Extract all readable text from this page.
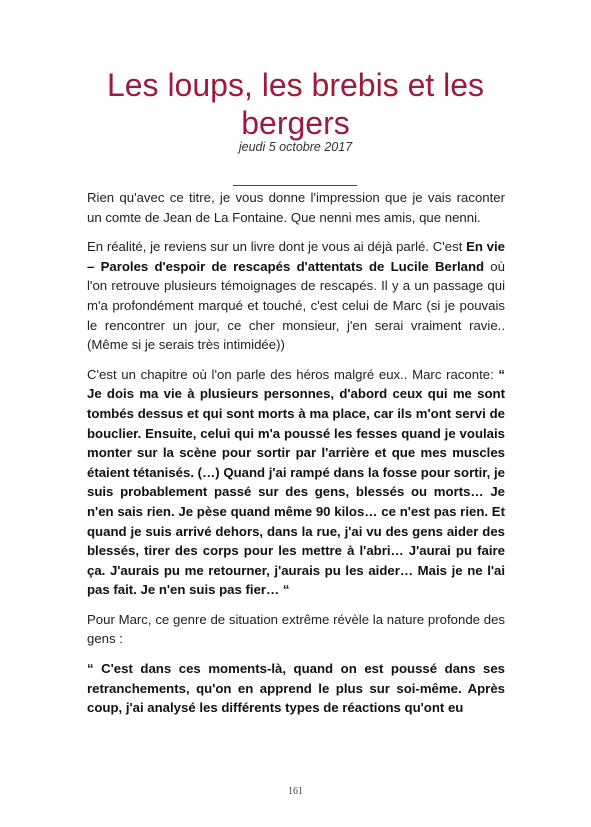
Les loups, les brebis et les bergers
jeudi 5 octobre 2017

Rien qu'avec ce titre, je vous donne l'impression que je vais raconter un comte de Jean de La Fontaine. Que nenni mes amis, que nenni.

En réalité, je reviens sur un livre dont je vous ai déjà parlé. C'est En vie – Paroles d'espoir de rescapés d'attentats de Lucile Berland où l'on retrouve plusieurs témoignages de rescapés. Il y a un passage qui m'a profondément marqué et touché, c'est celui de Marc (si je pouvais le rencontrer un jour, ce cher monsieur, j'en serai vraiment ravie..(Même si je serais très intimidée))

C'est un chapitre où l'on parle des héros malgré eux.. Marc raconte: “ Je dois ma vie à plusieurs personnes, d'abord ceux qui me sont tombés dessus et qui sont morts à ma place, car ils m'ont servi de bouclier. Ensuite, celui qui m'a poussé les fesses quand je voulais monter sur la scène pour sortir par l'arrière et que mes muscles étaient tétanisés. (…) Quand j'ai rampé dans la fosse pour sortir, je suis probablement passé sur des gens, blessés ou morts… Je n'en sais rien. Je pèse quand même 90 kilos… ce n'est pas rien. Et quand je suis arrivé dehors, dans la rue, j'ai vu des gens aider des blessés, tirer des corps pour les mettre à l'abri… J'aurai pu faire ça. J'aurais pu me retourner, j'aurais pu les aider… Mais je ne l'ai pas fait. Je n'en suis pas fier… “

Pour Marc, ce genre de situation extrême révèle la nature profonde des gens :

“ C'est dans ces moments-là, quand on est poussé dans ses retranchements, qu'on en apprend le plus sur soi-même. Après coup, j'ai analysé les différents types de réactions qu'ont eu

161
